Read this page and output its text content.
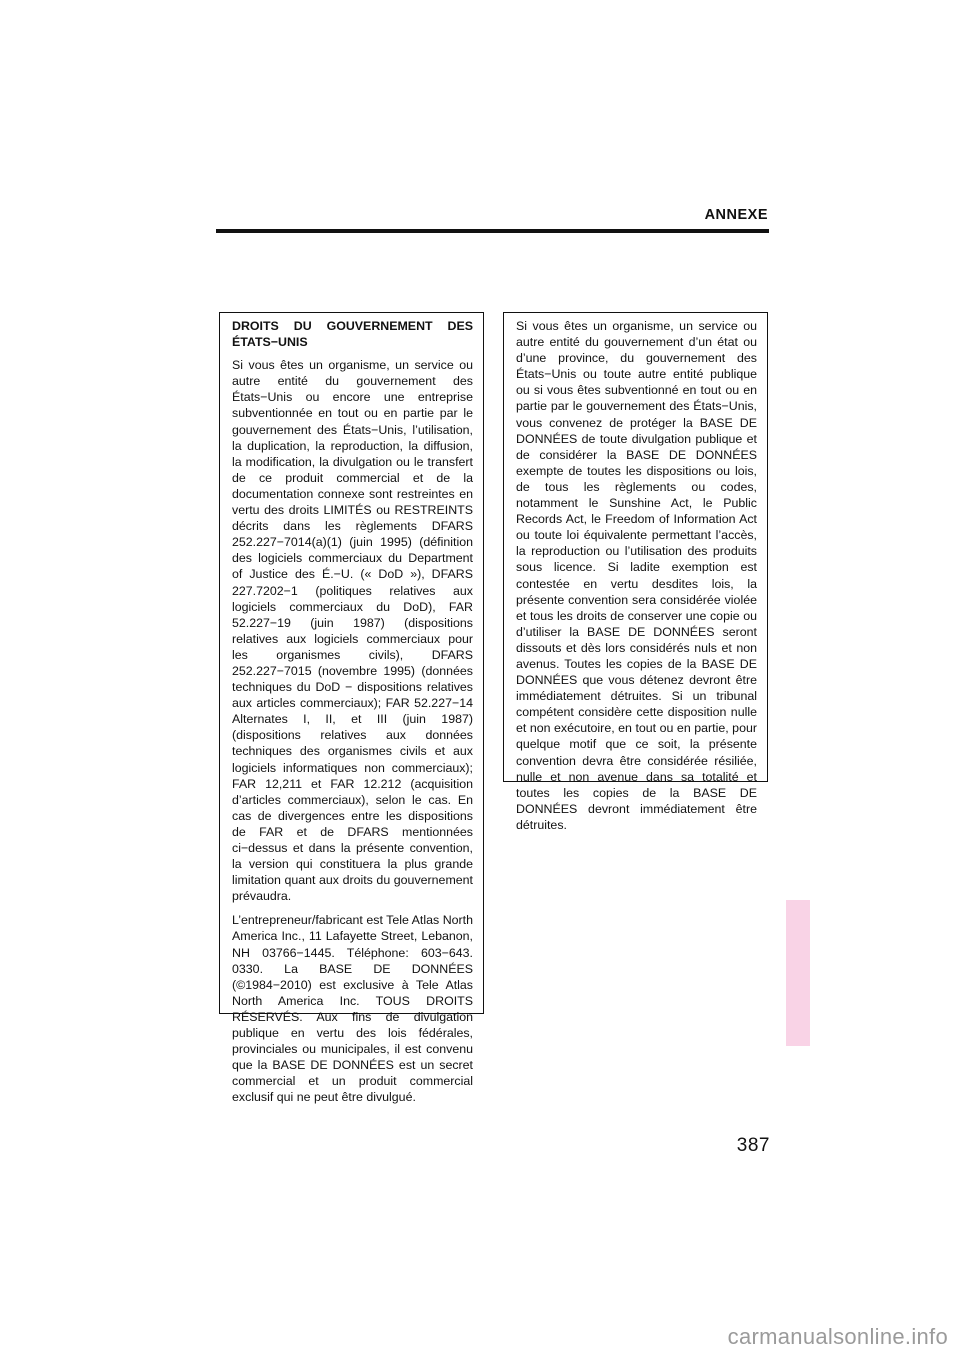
ANNEXE

DROITS DU GOUVERNEMENT DES ÉTATS−UNIS

Si vous êtes un organisme, un service ou autre entité du gouvernement des États−Unis ou encore une entreprise subventionnée en tout ou en partie par le gouvernement des États−Unis, l’utilisation, la duplication, la reproduction, la diffusion, la modification, la divulgation ou le transfert de ce produit commercial et de la documentation connexe sont restreintes en vertu des droits LIMITÉS ou RESTREINTS décrits dans les règlements DFARS 252.227−7014(a)(1) (juin 1995) (définition des logiciels commerciaux du Department of Justice des É.−U. (« DoD »), DFARS 227.7202−1 (politiques relatives aux logiciels commerciaux du DoD), FAR 52.227−19 (juin 1987) (dispositions relatives aux logiciels commerciaux pour les organismes civils), DFARS 252.227−7015 (novembre 1995) (données techniques du DoD − dispositions relatives aux articles commerciaux); FAR 52.227−14 Alternates I, II, et III (juin 1987) (dispositions relatives aux données techniques des organismes civils et aux logiciels informatiques non commerciaux); FAR 12,211 et FAR 12.212 (acquisition d’articles commerciaux), selon le cas. En cas de divergences entre les dispositions de FAR et de DFARS mentionnées ci−dessus et dans la présente convention, la version qui constituera la plus grande limitation quant aux droits du gouvernement prévaudra.

L’entrepreneur/fabricant est Tele Atlas North America Inc., 11 Lafayette Street, Lebanon, NH 03766−1445. Téléphone: 603−643. 0330. La BASE DE DONNÉES (©1984−2010) est exclusive à Tele Atlas North America Inc. TOUS DROITS RÉSERVÉS. Aux fins de divulgation publique en vertu des lois fédérales, provinciales ou municipales, il est convenu que la BASE DE DONNÉES est un secret commercial et un produit commercial exclusif qui ne peut être divulgué.

Si vous êtes un organisme, un service ou autre entité du gouvernement d’un état ou d’une province, du gouvernement des États−Unis ou toute autre entité publique ou si vous êtes subventionné en tout ou en partie par le gouvernement des États−Unis, vous convenez de protéger la BASE DE DONNÉES de toute divulgation publique et de considérer la BASE DE DONNÉES exempte de toutes les dispositions ou lois, de tous les règlements ou codes, notamment le Sunshine Act, le Public Records Act, le Freedom of Information Act ou toute loi équivalente permettant l’accès, la reproduction ou l’utilisation des produits sous licence. Si ladite exemption est contestée en vertu desdites lois, la présente convention sera considérée violée et tous les droits de conserver une copie ou d’utiliser la BASE DE DONNÉES seront dissouts et dès lors considérés nuls et non avenus. Toutes les copies de la BASE DE DONNÉES que vous détenez devront être immédiatement détruites. Si un tribunal compétent considère cette disposition nulle et non exécutoire, en tout ou en partie, pour quelque motif que ce soit, la présente convention devra être considérée résiliée, nulle et non avenue dans sa totalité et toutes les copies de la BASE DE DONNÉES devront immédiatement être détruites.

387
carmanualsonline.info
